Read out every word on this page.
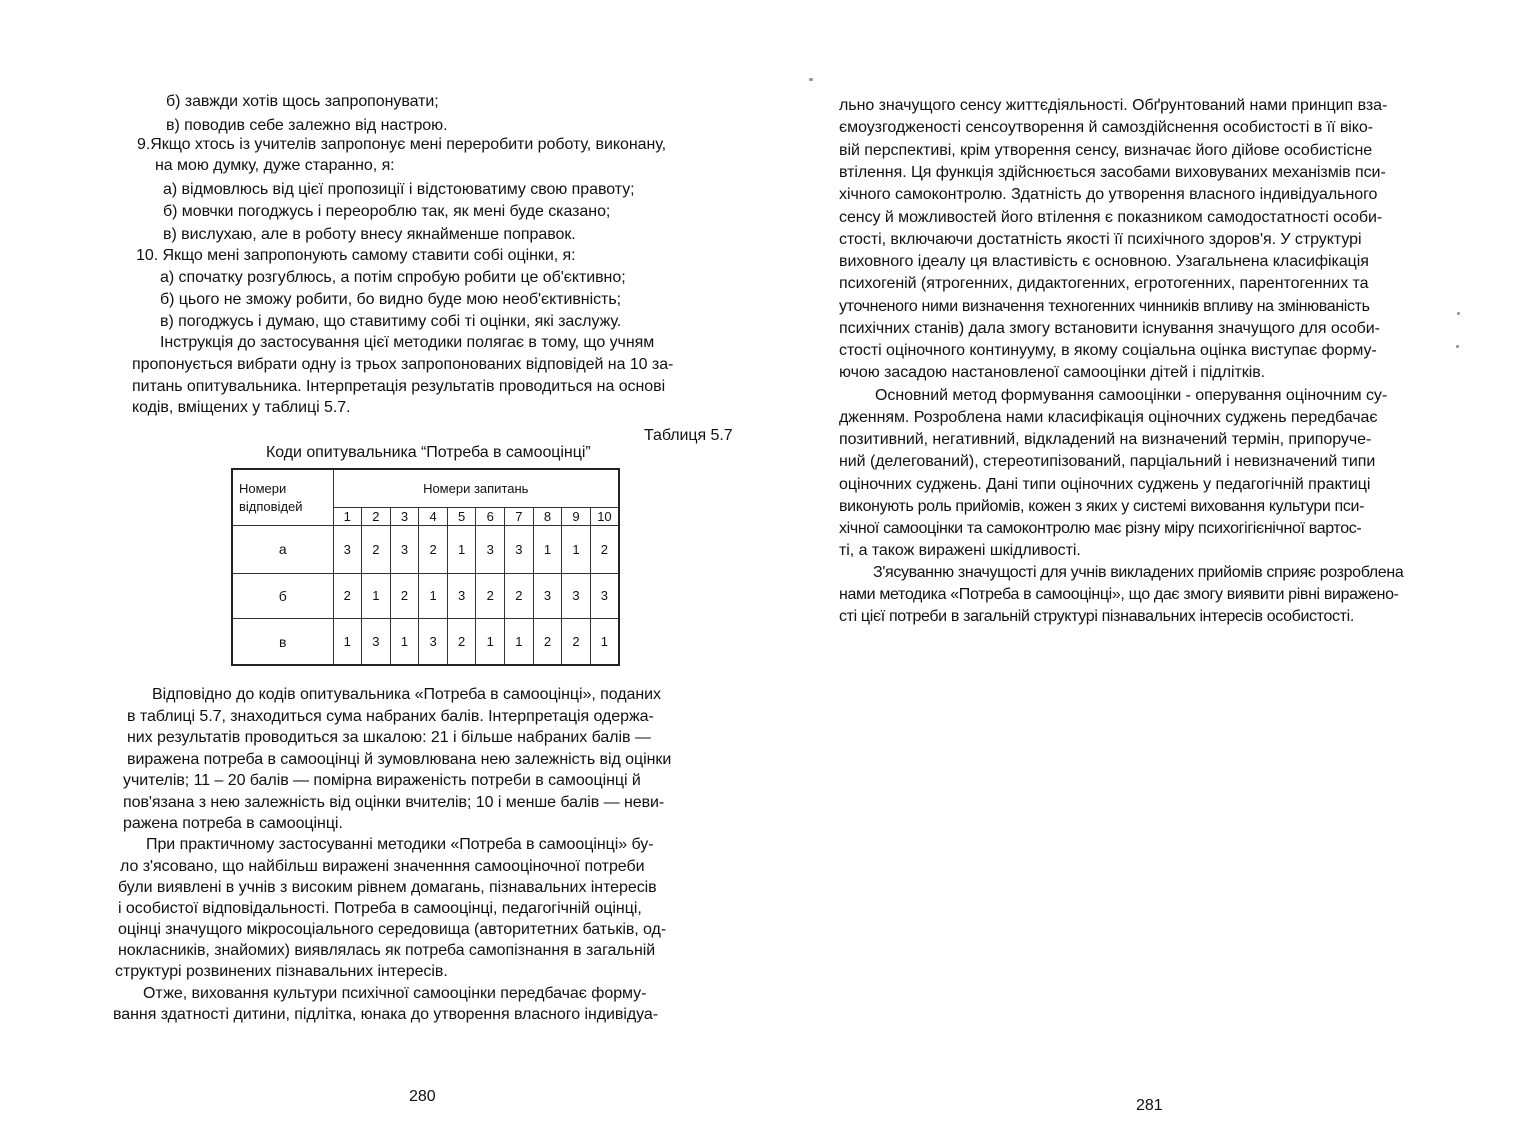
б) завжди хотів щось запропонувати;
в) поводив себе залежно від настрою.
9.Якщо хтось із учителів запропонує мені переробити роботу, виконану,
на мою думку, дуже старанно, я:
а) відмовлюсь від цієї пропозиції і відстоюватиму свою правоту;
б) мовчки погоджусь і переороблю так, як мені буде сказано;
в) вислухаю, але в роботу внесу якнайменше поправок.
10. Якщо мені запропонують самому ставити собі оцінки, я:
а) спочатку розгублюсь, а потім спробую робити це об'єктивно;
б) цього не зможу робити, бо видно буде мою необ'єктивність;
в) погоджусь і думаю, що ставитиму собі ті оцінки, які заслужу.
Інструкція до застосування цієї методики полягає в тому, що учням
пропонується вибрати одну із трьох запропонованих відповідей на 10 за-
питань опитувальника. Інтерпретація результатів проводиться на основі
кодів, вміщених у таблиці 5.7.
Таблиця 5.7
Коди опитувальника “Потреба в самооцінці”
Номери
відповідей	Номери запитань									
	1	2	3	4	5	6	7	8	9	10
а	3	2	3	2	1	3	3	1	1	2
б	2	1	2	1	3	2	2	3	3	3
в	1	3	1	3	2	1	1	2	2	1
Відповідно до кодів опитувальника «Потреба в самооцінці», поданих
в таблиці 5.7, знаходиться сума набраних балів. Інтерпретація одержа-
них результатів проводиться за шкалою: 21 і більше набраних балів —
виражена потреба в самооцінці й зумовлювана нею залежність від оцінки
учителів; 11 – 20 балів — помірна вираженість потреби в самооцінці й
пов'язана з нею залежність від оцінки вчителів; 10 і менше балів — неви-
ражена потреба в самооцінці.
При практичному застосуванні методики «Потреба в самооцінці» бу-
ло з'ясовано, що найбільш виражені значенння самооціночної потреби
були виявлені в учнів з високим рівнем домагань, пізнавальних інтересів
і особистої відповідальності. Потреба в самооцінці, педагогічній оцінці,
оцінці значущого мікросоціального середовища (авторитетних батьків, од-
нокласників, знайомих) виявлялась як потреба самопізнання в загальній
структурі розвинених пізнавальних інтересів.
Отже, виховання культури психічної самооцінки передбачає форму-
вання здатності дитини, підлітка, юнака до утворення власного індивідуа-
280
льно значущого сенсу життєдіяльності. Обґрунтований нами принцип вза-
ємоузгодженості сенсоутворення й самоздійснення особистості в її віко-
вій перспективі, крім утворення сенсу, визначає його дійове особистісне
втілення. Ця функція здійснюється засобами виховуваних механізмів пси-
хічного самоконтролю. Здатність до утворення власного індивідуального
сенсу й можливостей його втілення є показником самодостатності особи-
стості, включаючи достатність якості її психічного здоров'я. У структурі
виховного ідеалу ця властивість є основною. Узагальнена класифікація
психогеній (ятрогенних, дидактогенних, егротогенних, парентогенних та
уточненого ними визначення техногенних чинників впливу на змінюваність
психічних станів) дала змогу встановити існування значущого для особи-
стості оціночного континууму, в якому соціальна оцінка виступає форму-
ючою засадою настановленої самооцінки дітей і підлітків.
Основний метод формування самооцінки - оперування оціночним су-
дженням. Розроблена нами класифікація оціночних суджень передбачає
позитивний, негативний, відкладений на визначений термін, припоруче-
ний (делегований), стереотипізований, парціальний і невизначений типи
оціночних суджень. Дані типи оціночних суджень у педагогічній практиці
виконують роль прийомів, кожен з яких у системі виховання культури пси-
хічної самооцінки та самоконтролю має різну міру психогігієнічної вартос-
ті, а також виражені шкідливості.
З'ясуванню значущості для учнів викладених прийомів сприяє розроблена
нами методика «Потреба в самооцінці», що дає змогу виявити рівні виражено-
сті цієї потреби в загальній структурі пізнавальних інтересів особистості.
281
